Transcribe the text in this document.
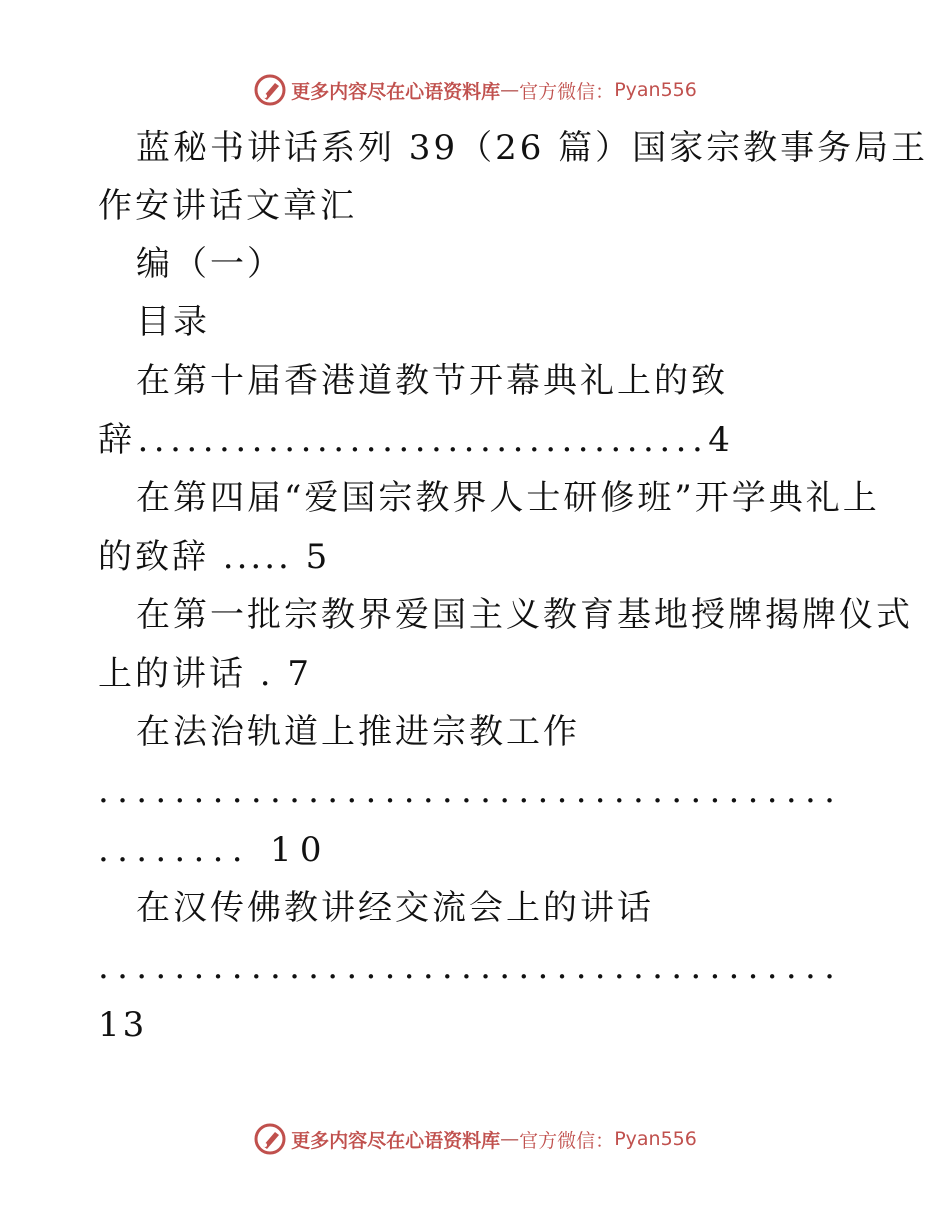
更多内容尽在心语资料库 — 官方微信： Pyan556
蓝秘书讲话系列 39（26 篇）国家宗教事务局王
作安讲话文章汇
编（一）
目录
在第十届香港道教节开幕典礼上的致
辞...................................4
在第四届“爱国宗教界人士研修班”开学典礼上
的致辞 ..... 5
在第一批宗教界爱国主义教育基地授牌揭牌仪式
上的讲话 . 7
在法治轨道上推进宗教工作
.......................................
........ 10
在汉传佛教讲经交流会上的讲话
.......................................
13
更多内容尽在心语资料库 — 官方微信： Pyan556
